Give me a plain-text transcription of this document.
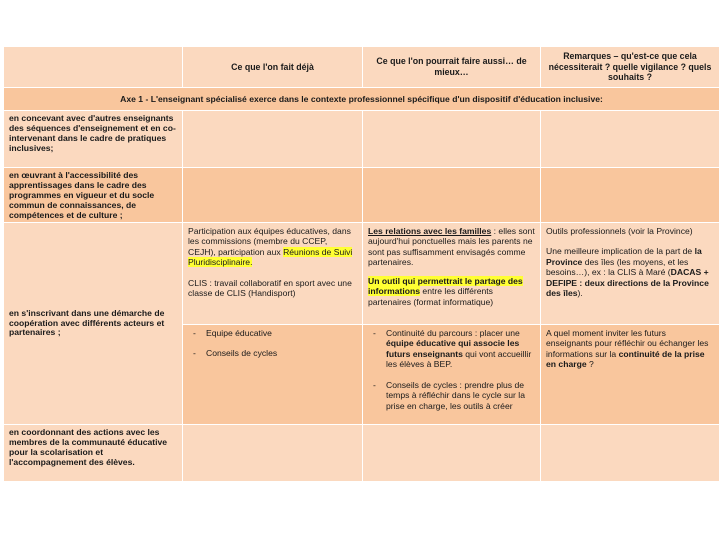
Ce que l'on fait déjà
Ce que l'on pourrait faire aussi… de mieux…
Remarques – qu'est-ce que cela nécessiterait ? quelle vigilance ? quels souhaits ?
Axe 1 - L'enseignant spécialisé exerce dans le contexte professionnel spécifique d'un dispositif d'éducation inclusive:
en concevant avec d'autres enseignants des séquences d'enseignement et en co-intervenant dans le cadre de pratiques inclusives;
en œuvrant à l'accessibilité des apprentissages dans le cadre des programmes en vigueur et du socle commun de connaissances, de compétences et de culture ;
en s'inscrivant dans une démarche de coopération avec différents acteurs et partenaires ;

Participation aux équipes éducatives, dans les commissions (membre du CCEP, CEJH), participation aux Réunions de Suivi Pluridisciplinaire.

CLIS : travail collaboratif en sport avec une classe de CLIS (Handisport)

Les relations avec les familles : elles sont aujourd'hui ponctuelles mais les parents ne sont pas suffisamment envisagés comme partenaires.

Un outil qui permettrait le partage des informations entre les différents partenaires (format informatique)

Outils professionnels (voir la Province)

Une meilleure implication de la part de la Province des îles (les moyens, et les besoins…), ex : la CLIS à Maré (DACAS + DEFIPE : deux directions de la Province des îles).

- Equipe éducative
- Conseils de cycles
- Continuité du parcours : placer une équipe éducative qui associe les futurs enseignants qui vont accueillir les élèves à BEP.
- Conseils de cycles : prendre plus de temps à réfléchir dans le cycle sur la prise en charge, les outils à créer

A quel moment inviter les futurs enseignants pour réfléchir ou échanger les informations sur la continuité de la prise en charge ?

en coordonnant des actions avec les membres de la communauté éducative pour la scolarisation et l'accompagnement des élèves.
